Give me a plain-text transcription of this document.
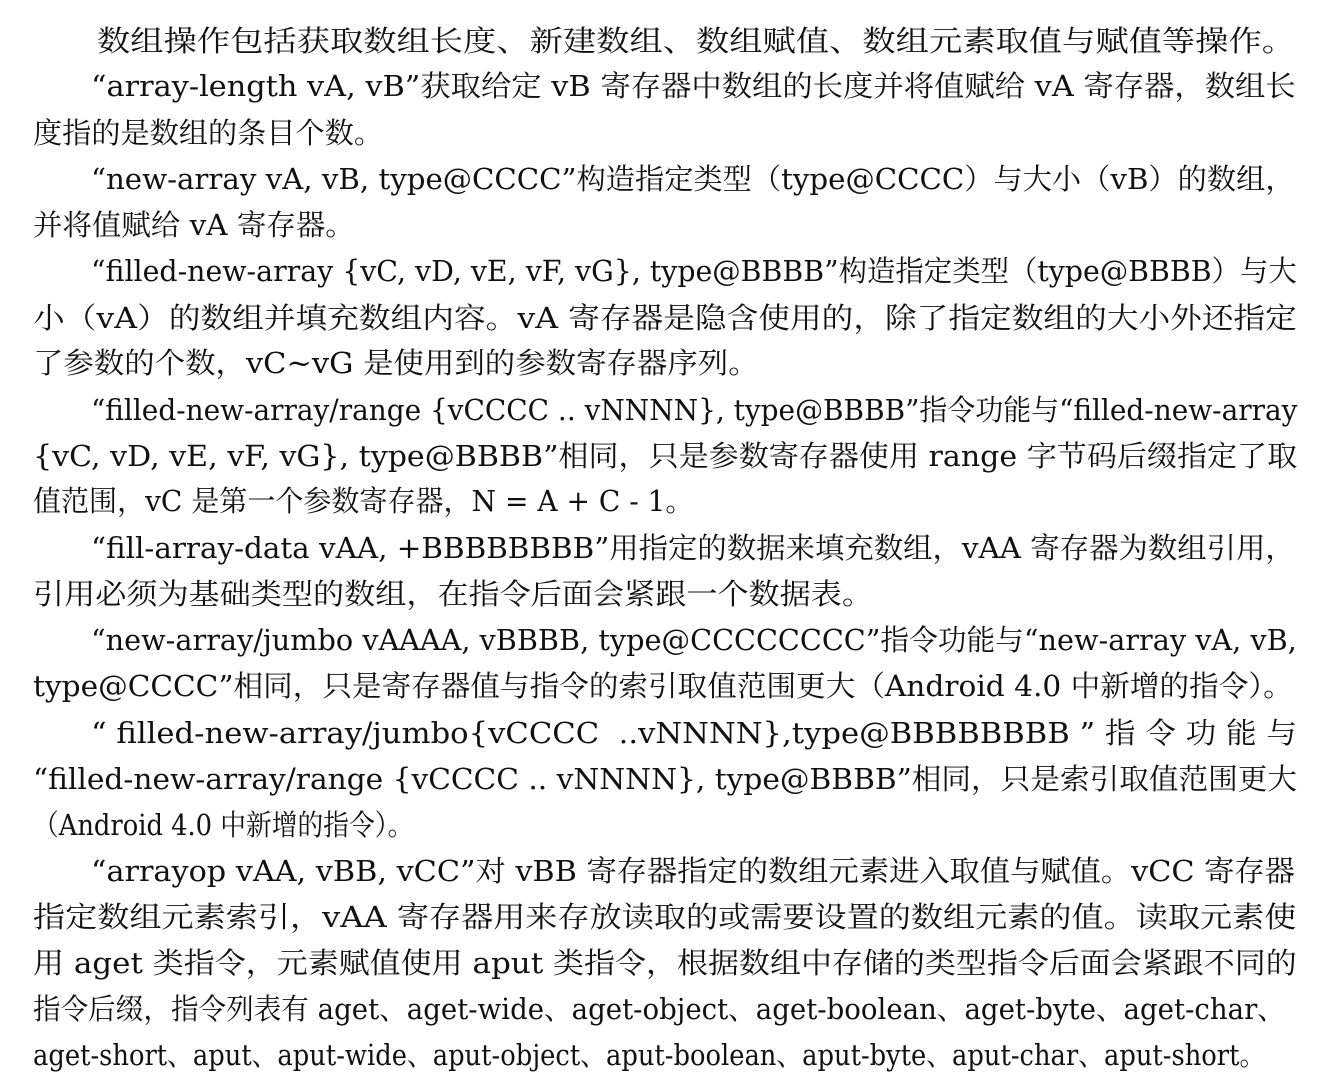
数组操作包括获取数组长度、新建数组、数组赋值、数组元素取值与赋值等操作。
“array-length vA, vB”获取给定 vB 寄存器中数组的长度并将值赋给 vA 寄存器，数组长
度指的是数组的条目个数。
“new-array vA, vB, type@CCCC”构造指定类型（type@CCCC）与大小（vB）的数组，
并将值赋给 vA 寄存器。
“filled-new-array {vC, vD, vE, vF, vG}, type@BBBB”构造指定类型（type@BBBB）与大
小（vA）的数组并填充数组内容。vA 寄存器是隐含使用的，除了指定数组的大小外还指定
了参数的个数，vC~vG 是使用到的参数寄存器序列。
“filled-new-array/range {vCCCC .. vNNNN}, type@BBBB”指令功能与“filled-new-array
{vC, vD, vE, vF, vG}, type@BBBB”相同，只是参数寄存器使用 range 字节码后缀指定了取
值范围，vC 是第一个参数寄存器，N = A + C - 1。
“fill-array-data vAA, +BBBBBBBB”用指定的数据来填充数组，vAA 寄存器为数组引用，
引用必须为基础类型的数组，在指令后面会紧跟一个数据表。
“new-array/jumbo vAAAA, vBBBB, type@CCCCCCCC”指令功能与“new-array vA, vB,
type@CCCC”相同，只是寄存器值与指令的索引取值范围更大（Android 4.0 中新增的指令）。
“ filled-new-array/jumbo{vCCCC  ..vNNNN},type@BBBBBBBB ” 指 令 功 能 与
“filled-new-array/range {vCCCC .. vNNNN}, type@BBBB”相同，只是索引取值范围更大
（Android 4.0 中新增的指令）。
“arrayop vAA, vBB, vCC”对 vBB 寄存器指定的数组元素进入取值与赋值。vCC 寄存器
指定数组元素索引，vAA 寄存器用来存放读取的或需要设置的数组元素的值。读取元素使
用 aget 类指令，元素赋值使用 aput 类指令，根据数组中存储的类型指令后面会紧跟不同的
指令后缀，指令列表有 aget、aget-wide、aget-object、aget-boolean、aget-byte、aget-char、
aget-short、aput、aput-wide、aput-object、aput-boolean、aput-byte、aput-char、aput-short。
